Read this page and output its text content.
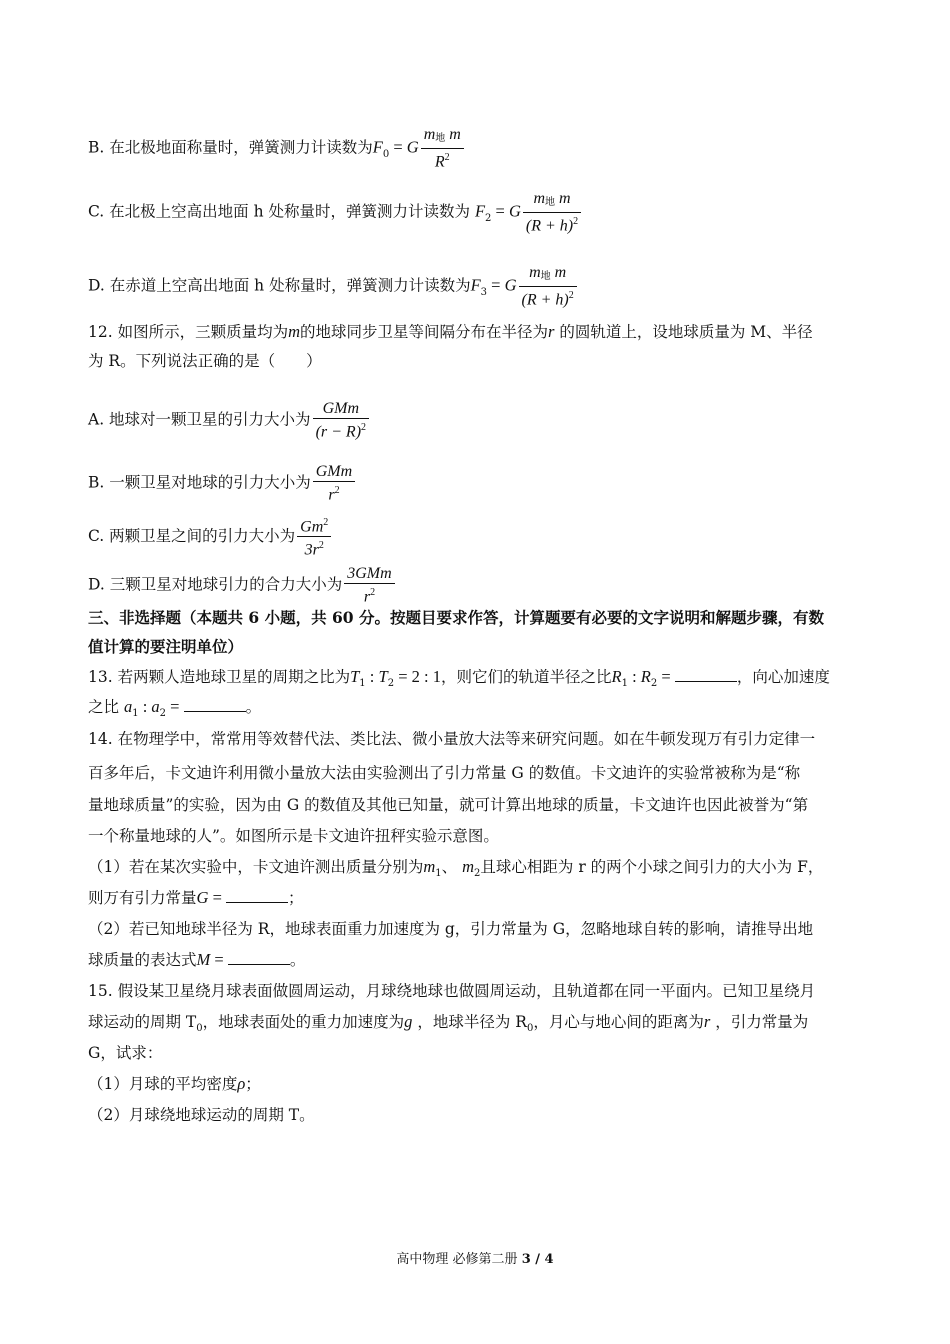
B. 在北极地面称量时，弹簧测力计读数为$F_0 = G \frac{\text{m地 m}}{R^2}$
C. 在北极上空高出地面 h 处称量时，弹簧测力计读数为 $F_2 = G \frac{\text{m地 m}}{(R + h)^2}$
D. 在赤道上空高出地面 h 处称量时，弹簧测力计读数为$F_3 = G \frac{\text{m地 m}}{(R + h)^2}$
12. 如图所示，三颗质量均为m的地球同步卫星等间隔分布在半径为r 的圆轨道上，设地球质量为 M、半径
为 R。下列说法正确的是（　　）
A. 地球对一颗卫星的引力大小为 $\frac{\text{GMm}}{(r - R)^2}$
B. 一颗卫星对地球的引力大小为 $\frac{\text{GMm}}{r^2}$
C. 两颗卫星之间的引力大小为 $\frac{Gm^2}{3r^2}$
D. 三颗卫星对地球引力的合力大小为 $\frac{\text{3GMm}}{r^2}$
三、非选择题（本题共 6 小题，共 60 分。按题目要求作答，计算题要有必要的文字说明和解题步骤，有数
值计算的要注明单位）
13. 若两颗人造地球卫星的周期之比为$T_1$ : $T_2 = 2$ : 1，则它们的轨道半径之比$R_1$ : $R_2$ =	，向心加速度
之比 $a_1$ : $a_2$ =	。
14. 在物理学中，常常用等效替代法、类比法、微小量放大法等来研究问题。如在牛顿发现万有引力定律一
百多年后，卡文迪许利用微小量放大法由实验测出了引力常量 G 的数值。卡文迪许的实验常被称为是“称
量地球质量”的实验，因为由 G 的数值及其他已知量，就可计算出地球的质量，卡文迪许也因此被誉为“第
一个称量地球的人”。如图所示是卡文迪许扭秤实验示意图。
（1）若在某次实验中，卡文迪许测出质量分别为$m_1$、 $m_2$且球心相距为 r 的两个小球之间引力的大小为 F，
则万有引力常量G =	；
（2）若已知地球半径为 R，地球表面重力加速度为 g，引力常量为 G，忽略地球自转的影响，请推导出地
球质量的表达式M =	。
15. 假设某卫星绕月球表面做圆周运动，月球绕地球也做圆周运动，且轨道都在同一平面内。已知卫星绕月
球运动的周期 $T_0$，地球表面处的重力加速度为g ，地球半径为 $R_0$，月心与地心间的距离为r ，引力常量为
G，试求：
（1）月球的平均密度ρ；
（2）月球绕地球运动的周期 T。
高中物理 必修第二册 3 / 4
